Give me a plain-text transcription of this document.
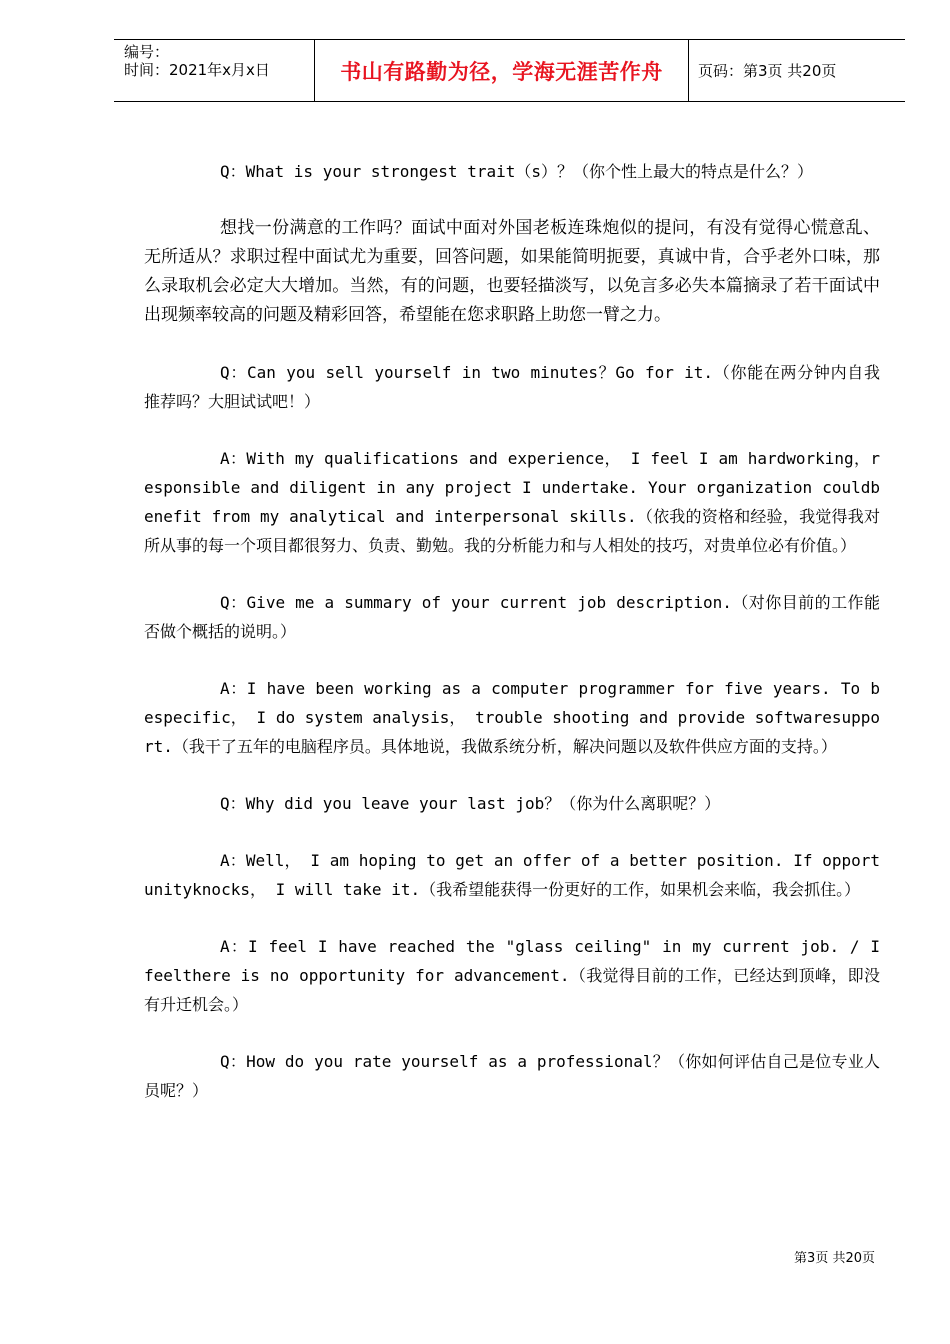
编号：
时间：2021年x月x日	书山有路勤为径，学海无涯苦作舟	页码：第3页 共20页

Q：What is your strongest trait（s）？（你个性上最大的特点是什么？）

想找一份满意的工作吗？面试中面对外国老板连珠炮似的提问，有没有觉得心慌意乱、无所适从？求职过程中面试尤为重要，回答问题，如果能简明扼要，真诚中肯，合乎老外口味，那么录取机会必定大大增加。当然，有的问题，也要轻描淡写，以免言多必失本篇摘录了若干面试中出现频率较高的问题及精彩回答，希望能在您求职路上助您一臂之力。

Q：Can you sell yourself in two minutes？Go for it.（你能在两分钟内自我推荐吗？大胆试试吧！）

A：With my qualifications and experience， I feel I am hardworking，responsible and diligent in any project I undertake. Your organization couldbenefit from my analytical and interpersonal skills.（依我的资格和经验，我觉得我对所从事的每一个项目都很努力、负责、勤勉。我的分析能力和与人相处的技巧，对贵单位必有价值。）

Q：Give me a summary of your current job description.（对你目前的工作能否做个概括的说明。）

A：I have been working as a computer programmer for five years. To bespecific， I do system analysis， trouble shooting and provide softwaresupport.（我干了五年的电脑程序员。具体地说，我做系统分析，解决问题以及软件供应方面的支持。）

Q：Why did you leave your last job？（你为什么离职呢？）

A：Well， I am hoping to get an offer of a better position. If opportunityknocks， I will take it.（我希望能获得一份更好的工作，如果机会来临，我会抓住。）

A：I feel I have reached the "glass ceiling" in my current job. / I feelthere is no opportunity for advancement.（我觉得目前的工作，已经达到顶峰，即没有升迁机会。）

Q：How do you rate yourself as a professional？（你如何评估自己是位专业人员呢？）

第3页 共20页
